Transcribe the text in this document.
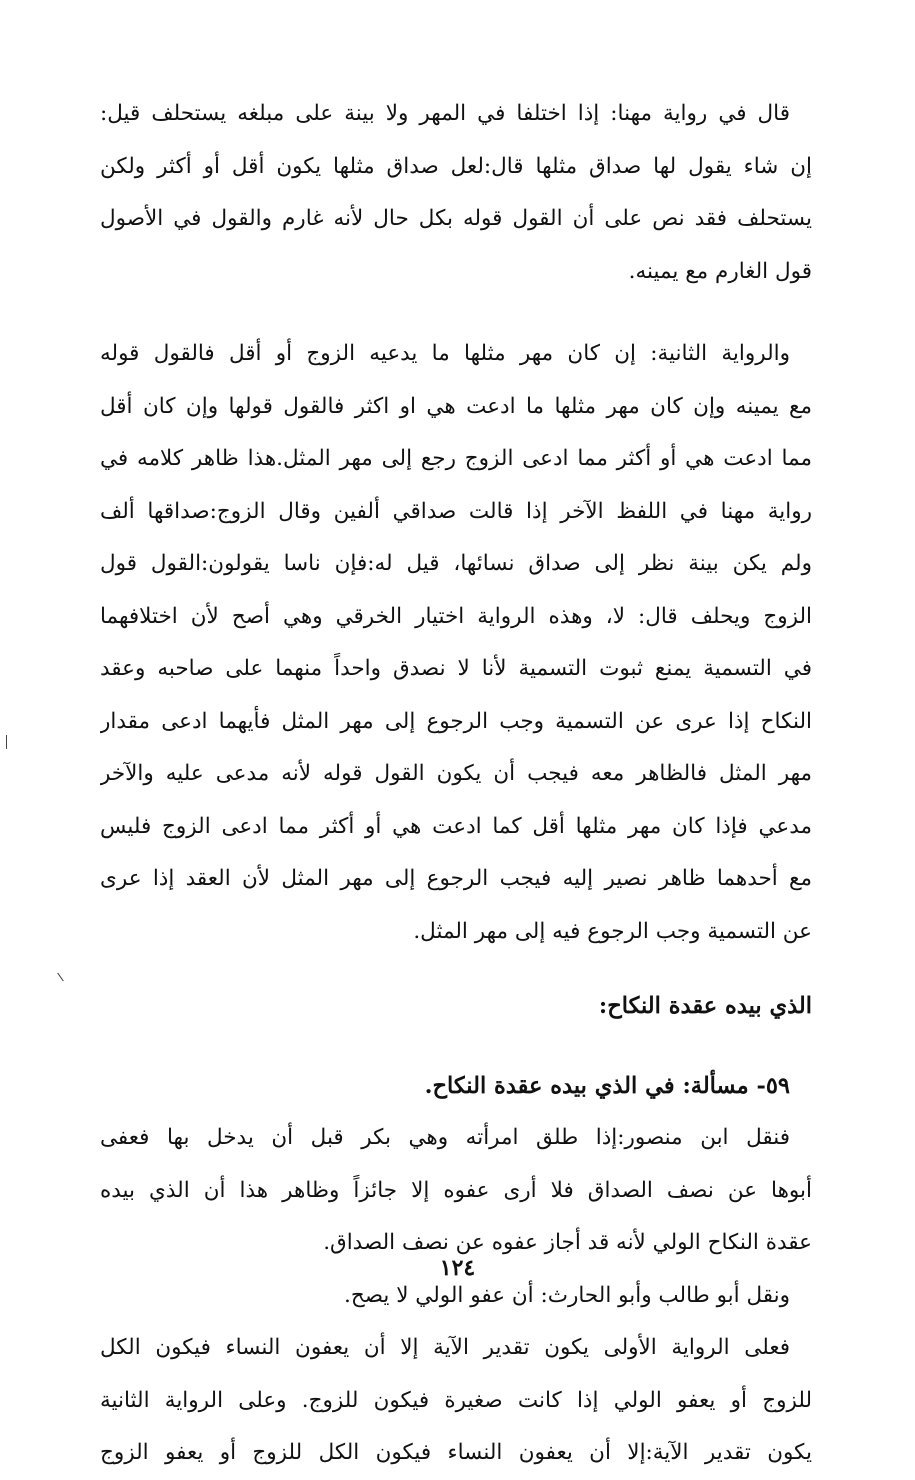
قال في رواية مهنا: إذا اختلفا في المهر ولا بينة على مبلغه يستحلف قيل:
إن شاء يقول لها صداق مثلها قال:لعل صداق مثلها يكون أقل أو أكثر ولكن
يستحلف فقد نص على أن القول قوله بكل حال لأنه غارم والقول في الأصول
قول الغارم مع يمينه.
والرواية الثانية: إن كان مهر مثلها ما يدعيه الزوج أو أقل فالقول قوله
مع يمينه وإن كان مهر مثلها ما ادعت هي او اكثر فالقول قولها وإن كان أقل
مما ادعت هي أو أكثر مما ادعى الزوج رجع إلى مهر المثل.هذا ظاهر كلامه في
رواية مهنا في اللفظ الآخر إذا قالت صداقي ألفين وقال الزوج:صداقها ألف
ولم يكن بينة نظر إلى صداق نسائها، قيل له:فإن ناسا يقولون:القول قول
الزوج ويحلف قال: لا، وهذه الرواية اختيار الخرقي وهي أصح لأن اختلافهما
في التسمية يمنع ثبوت التسمية لأنا لا نصدق واحداً منهما على صاحبه وعقد
النكاح إذا عرى عن التسمية وجب الرجوع إلى مهر المثل فأيهما ادعى مقدار
مهر المثل فالظاهر معه فيجب أن يكون القول قوله لأنه مدعى عليه والآخر
مدعي فإذا كان مهر مثلها أقل كما ادعت هي أو أكثر مما ادعى الزوج فليس
مع أحدهما ظاهر نصير إليه فيجب الرجوع إلى مهر المثل لأن العقد إذا عرى
عن التسمية وجب الرجوع فيه إلى مهر المثل.
الذي بيده عقدة النكاح:
٥٩- مسألة: في الذي بيده عقدة النكاح.
فنقل ابن منصور:إذا طلق امرأته وهي بكر قبل أن يدخل بها فعفى
أبوها عن نصف الصداق فلا أرى عفوه إلا جائزاً وظاهر هذا أن الذي بيده
عقدة النكاح الولي لأنه قد أجاز عفوه عن نصف الصداق.
ونقل أبو طالب وأبو الحارث: أن عفو الولي لا يصح.
فعلى الرواية الأولى يكون تقدير الآية إلا أن يعفون النساء فيكون الكل
للزوج أو يعفو الولي إذا كانت صغيرة فيكون للزوج. وعلى الرواية الثانية
يكون تقدير الآية:إلا أن يعفون النساء فيكون الكل للزوج أو يعفو الزوج
١٢٤
